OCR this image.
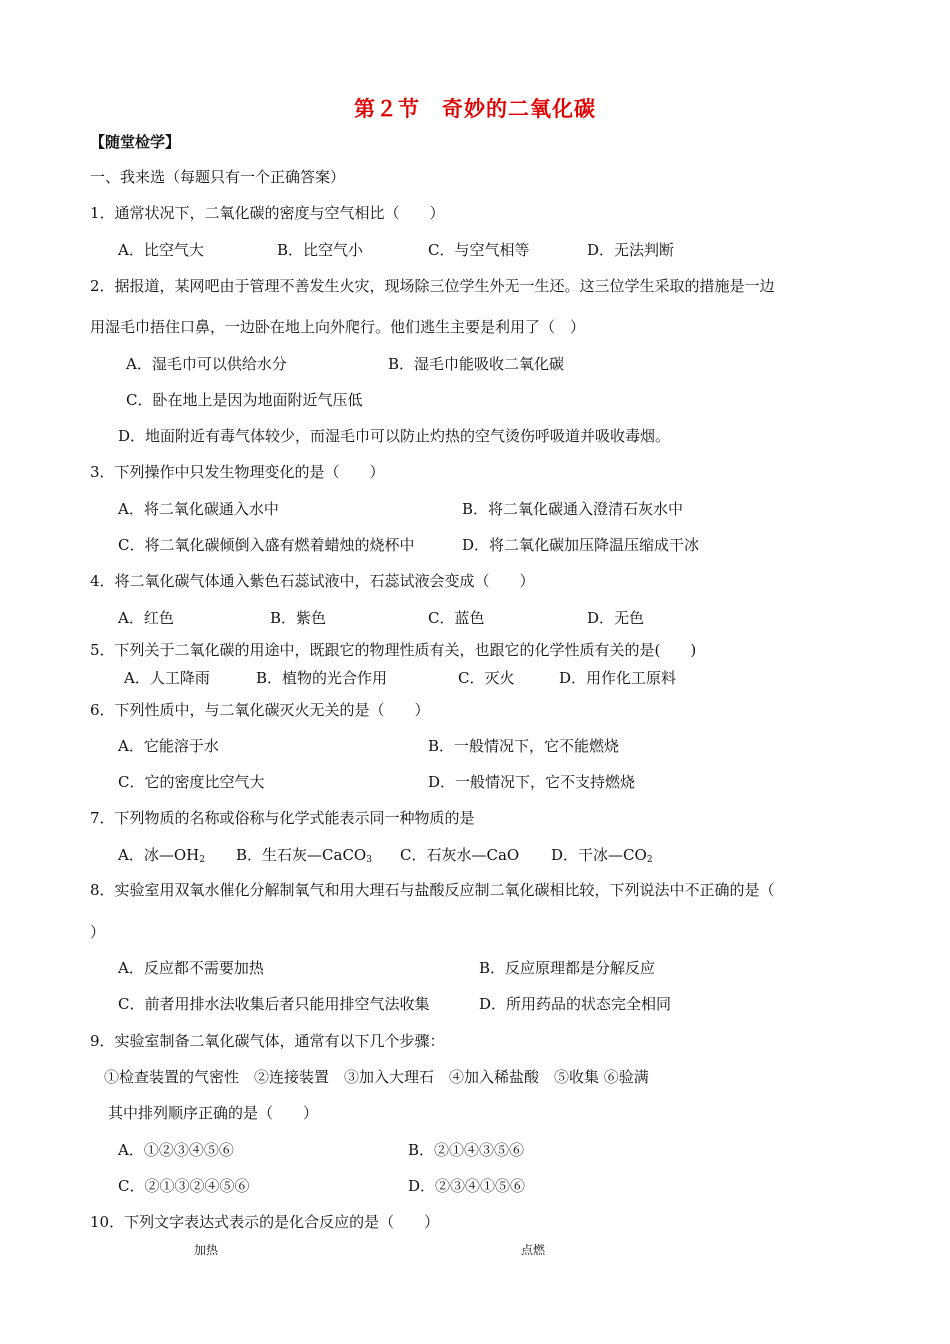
第２节　奇妙的二氧化碳
【随堂检学】
一、我来选（每题只有一个正确答案）
1．通常状况下，二氧化碳的密度与空气相比（　　）
A．比空气大	B．比空气小	C．与空气相等	D．无法判断
2．据报道，某网吧由于管理不善发生火灾，现场除三位学生外无一生还。这三位学生采取的措施是一边
用湿毛巾捂住口鼻，一边卧在地上向外爬行。他们逃生主要是利用了（　）
A．湿毛巾可以供给水分	B．湿毛巾能吸收二氧化碳
C．卧在地上是因为地面附近气压低
D．地面附近有毒气体较少，而湿毛巾可以防止灼热的空气烫伤呼吸道并吸收毒烟。
3．下列操作中只发生物理变化的是（　　）
A．将二氧化碳通入水中	B．将二氧化碳通入澄清石灰水中
C．将二氧化碳倾倒入盛有燃着蜡烛的烧杯中	D．将二氧化碳加压降温压缩成干冰
4．将二氧化碳气体通入紫色石蕊试液中，石蕊试液会变成（　　）
A．红色	B．紫色	C．蓝色	D．无色
5．下列关于二氧化碳的用途中，既跟它的物理性质有关，也跟它的化学性质有关的是(　　)
A．人工降雨	B．植物的光合作用	C．灭火	D．用作化工原料
6．下列性质中，与二氧化碳灭火无关的是（　　）
A．它能溶于水	B．一般情况下，它不能燃烧
C．它的密度比空气大	D．一般情况下，它不支持燃烧
7．下列物质的名称或俗称与化学式能表示同一种物质的是
A．冰$—OH_2$ B．生石灰—CaCO$_3$ C．石灰水—CaO D．干冰$—CO_2$
8．实验室用双氧水催化分解制氧气和用大理石与盐酸反应制二氧化碳相比较，下列说法中不正确的是（
）
A．反应都不需要加热	B．反应原理都是分解反应
C．前者用排水法收集后者只能用排空气法收集	D．所用药品的状态完全相同
9．实验室制备二氧化碳气体，通常有以下几个步骤：
①检查装置的气密性　②连接装置　③加入大理石　④加入稀盐酸　⑤收集 ⑥验满
其中排列顺序正确的是（　　）
A．①②③④⑤⑥	B．②①④③⑤⑥
C．②①③②④⑤⑥	D．②③④①⑤⑥
10．下列文字表达式表示的是化合反应的是（　　）
加热	点燃
